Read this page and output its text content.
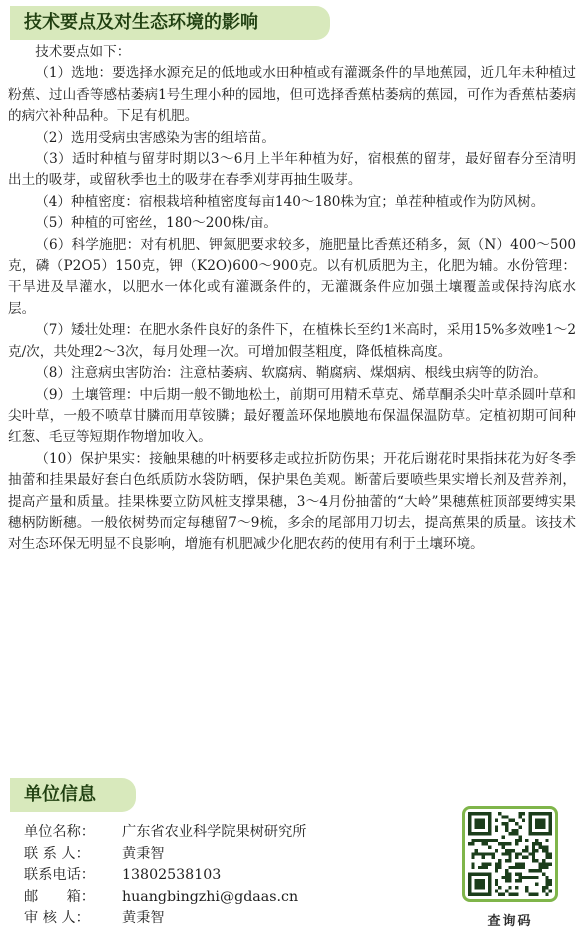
技术要点及对生态环境的影响

技术要点如下：

（1）选地：要选择水源充足的低地或水田种植或有灌溉条件的旱地蕉园，近几年未种植过粉蕉、过山香等感枯萎病1号生理小种的园地，但可选择香蕉枯萎病的蕉园，可作为香蕉枯萎病的病穴补种品种。下足有机肥。

（2）选用受病虫害感染为害的组培苗。

（3）适时种植与留芽时期以3～6月上半年种植为好，宿根蕉的留芽，最好留春分至清明出土的吸芽，或留秋季也土的吸芽在春季刈芽再抽生吸芽。

（4）种植密度：宿根栽培种植密度每亩140～180株为宜；单茬种植或作为防风树。

（5）种植的可密丝，180～200株/亩。

（6）科学施肥：对有机肥、钾氮肥要求较多，施肥量比香蕉还稍多，氮（N）400～500克，磷（P2O5）150克，钾（K2O)600～900克。以有机质肥为主，化肥为辅。水份管理：干旱进及旱灌水，以肥水一体化或有灌溉条件的，无灌溉条件应加强土壤覆盖或保持沟底水层。

（7）矮壮处理：在肥水条件良好的条件下，在植株长至约1米高时，采用15%多效唑1～2克/次，共处理2～3次，每月处理一次。可增加假茎粗度，降低植株高度。

（8）注意病虫害防治：注意枯萎病、软腐病、鞘腐病、煤烟病、根线虫病等的防治。

（9）土壤管理：中后期一般不锄地松土，前期可用精禾草克、烯草酮杀尖叶草杀圆叶草和尖叶草，一般不喷草甘膦而用草铵膦；最好覆盖环保地膜地布保温保温防草。定植初期可间种红葱、毛豆等短期作物增加收入。

（10）保护果实：接触果穗的叶柄要移走或拉折防伤果；开花后谢花时果指抹花为好冬季抽蕾和挂果最好套白色纸质防水袋防晒，保护果色美观。断蕾后要喷些果实增长剂及营养剂，提高产量和质量。挂果株要立防风桩支撑果穗，3～4月份抽蕾的“大岭”果穗蕉桩顶部要缚实果穗柄防断穗。一般依树势而定每穗留7～9梳，多余的尾部用刀切去，提高蕉果的质量。该技术对生态环保无明显不良影响，增施有机肥减少化肥农药的使用有利于土壤环境。

单位信息
单位名称：	广东省农业科学院果树研究所
联 系 人：	黄秉智
联系电话：	13802538103
邮　　箱：	huangbingzhi@gdaas.cn
审 核 人：	黄秉智	查询码
